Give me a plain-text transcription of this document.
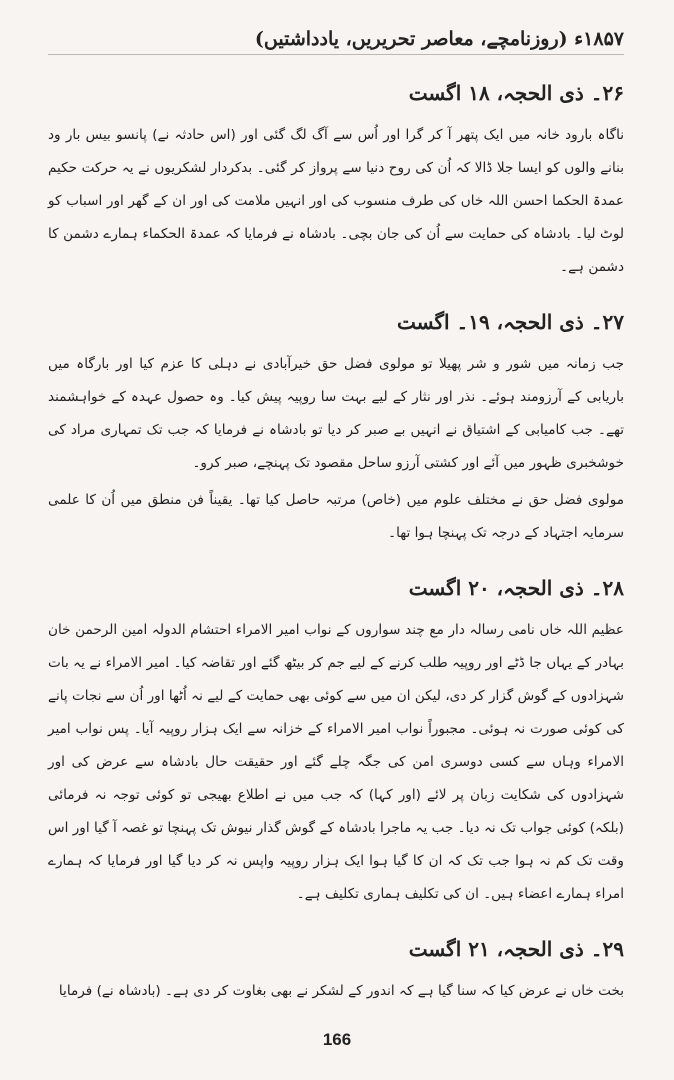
۱۸۵۷ء (روزنامچے، معاصر تحریریں، یادداشتیں)
۲۶۔ ذی الحجہ، ۱۸ اگست

ناگاہ بارود خانہ میں ایک پتھر آ کر گرا اور اُس سے آگ لگ گئی اور (اس حادثہ نے) پانسو بیس بار ود بنانے والوں کو ایسا جلا ڈالا کہ اُن کی روح دنیا سے پرواز کر گئی۔ بدکردار لشکریوں نے یہ حرکت حکیم عمدۃ الحکما احسن اللہ خاں کی طرف منسوب کی اور انہیں ملامت کی اور ان کے گھر اور اسباب کو لوٹ لیا۔ بادشاہ کی حمایت سے اُن کی جان بچی۔ بادشاہ نے فرمایا کہ عمدۃ الحکماء ہمارے دشمن کا دشمن ہے۔

۲۷۔ ذی الحجہ، ۱۹۔ اگست

جب زمانہ میں شور و شر پھیلا تو مولوی فضل حق خیرآبادی نے دہلی کا عزم کیا اور بارگاہ میں باریابی کے آرزومند ہوئے۔ نذر اور نثار کے لیے بہت سا روپیہ پیش کیا۔ وہ حصول عہدہ کے خواہشمند تھے۔ جب کامیابی کے اشتیاق نے انہیں بے صبر کر دیا تو بادشاہ نے فرمایا کہ جب تک تمہاری مراد کی خوشخبری ظہور میں آئے اور کشتی آرزو ساحل مقصود تک پہنچے، صبر کرو۔

مولوی فضل حق نے مختلف علوم میں (خاص) مرتبہ حاصل کیا تھا۔ یقیناً فن منطق میں اُن کا علمی سرمایہ اجتہاد کے درجہ تک پہنچا ہوا تھا۔

۲۸۔ ذی الحجہ، ۲۰ اگست

عظیم اللہ خاں نامی رسالہ دار مع چند سواروں کے نواب امیر الامراء احتشام الدولہ امین الرحمن خان بہادر کے یہاں جا ڈٹے اور روپیہ طلب کرنے کے لیے جم کر بیٹھ گئے اور تقاضہ کیا۔ امیر الامراء نے یہ بات شہزادوں کے گوش گزار کر دی، لیکن ان میں سے کوئی بھی حمایت کے لیے نہ اُٹھا اور اُن سے نجات پانے کی کوئی صورت نہ ہوئی۔ مجبوراً نواب امیر الامراء کے خزانہ سے ایک ہزار روپیہ آیا۔ پس نواب امیر الامراء وہاں سے کسی دوسری امن کی جگہ چلے گئے اور حقیقت حال بادشاہ سے عرض کی اور شہزادوں کی شکایت زبان پر لائے (اور کہا) کہ جب میں نے اطلاع بھیجی تو کوئی توجہ نہ فرمائی (بلکہ) کوئی جواب تک نہ دیا۔ جب یہ ماجرا بادشاہ کے گوش گذار نیوش تک پہنچا تو غصہ آ گیا اور اس وقت تک کم نہ ہوا جب تک کہ ان کا گیا ہوا ایک ہزار روپیہ واپس نہ کر دیا گیا اور فرمایا کہ ہمارے امراء ہمارے اعضاء ہیں۔ ان کی تکلیف ہماری تکلیف ہے۔

۲۹۔ ذی الحجہ، ۲۱ اگست

بخت خاں نے عرض کیا کہ سنا گیا ہے کہ اندور کے لشکر نے بھی بغاوت کر دی ہے۔ (بادشاہ نے) فرمایا

166
